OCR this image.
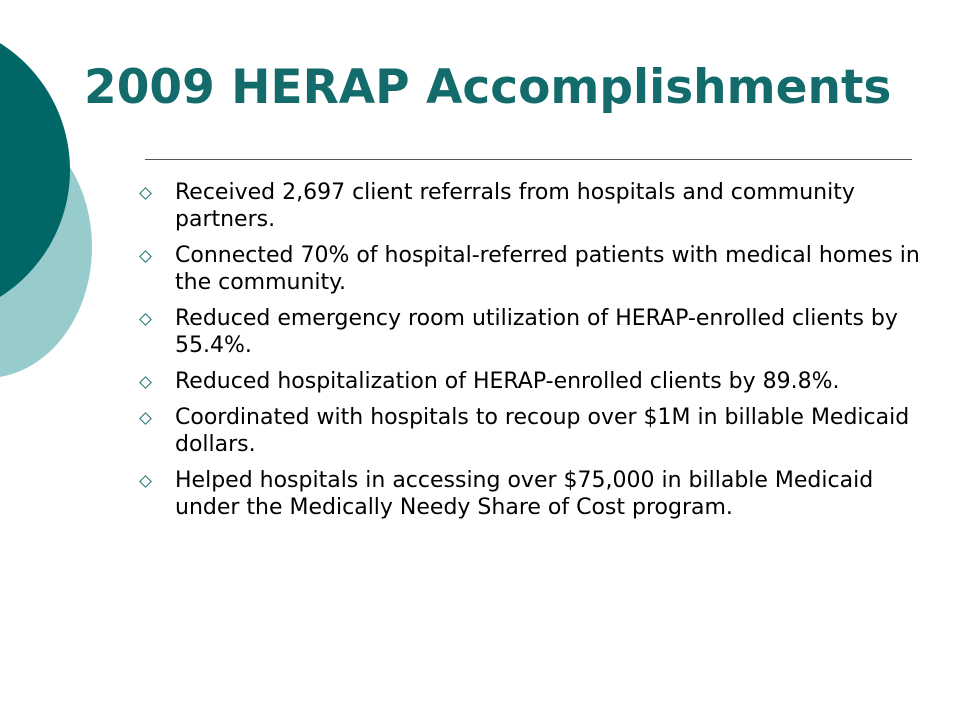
2009 HERAP Accomplishments
Received 2,697 client referrals from hospitals and community partners.
Connected 70% of hospital-referred patients with medical homes in the community.
Reduced emergency room utilization of HERAP-enrolled clients by 55.4%.
Reduced hospitalization of HERAP-enrolled clients by 89.8%.
Coordinated with hospitals to recoup over $1M in billable Medicaid dollars.
Helped hospitals in accessing over $75,000 in billable Medicaid under the Medically Needy Share of Cost program.
